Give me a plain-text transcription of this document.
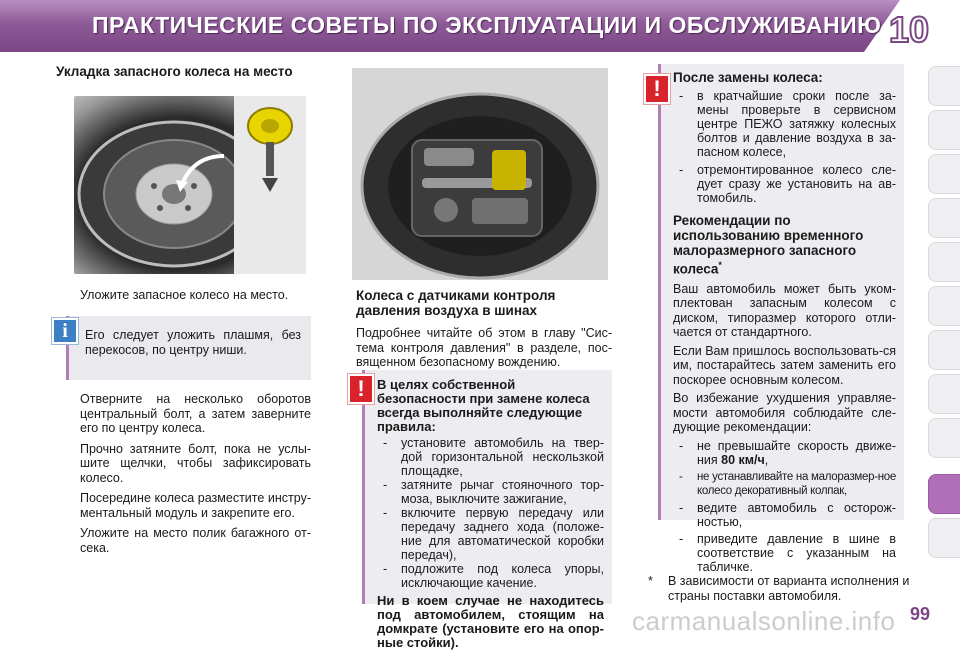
ПРАКТИЧЕСКИЕ СОВЕТЫ ПО ЭКСПЛУАТАЦИИ И ОБСЛУЖИВАНИЮ 10
Укладка запасного колеса на место
Уложите запасное колесо на место.
Его следует уложить плашмя, без перекосов, по центру ниши.
i
Отверните на несколько оборотов центральный болт, а затем заверните его по центру колеса.
Прочно затяните болт, пока не услы-шите щелчки, чтобы зафиксировать колесо.
Посередине колеса разместите инстру-ментальный модуль и закрепите его.
Уложите на место полик багажного от-сека.
Колеса с датчиками контроля давления воздуха в шинах
Подробнее читайте об этом в главу "Сис-тема контроля давления" в разделе, пос-вященном безопасному вождению.
В целях собственной безопасности при замене колеса всегда выполняйте следующие правила:
- установите автомобиль на твер-дой горизонтальной нескользкой площадке,
- затяните рычаг стояночного тор-моза, выключите зажигание,
- включите первую передачу или передачу заднего хода (положе-ние для автоматической коробки передач),
- подложите под колеса упоры, исключающие качение.
Ни в коем случае не находитесь под автомобилем, стоящим на домкрате (установите его на опор-ные стойки).
!
После замены колеса:
- в кратчайшие сроки после за-мены проверьте в сервисном центре ПЕЖО затяжку колесных болтов и давление воздуха в за-пасном колесе,
- отремонтированное колесо сле-дует сразу же установить на ав-томобиль.
Рекомендации по использованию временного малоразмерного запасного колеса*
Ваш автомобиль может быть уком-плектован запасным колесом с диском, типоразмер которого отли-чается от стандартного.
Если Вам пришлось воспользовать-ся им, постарайтесь затем заменить его поскорее основным колесом.
Во избежание ухудшения управляе-мости автомобиля соблюдайте сле-дующие рекомендации:
- не превышайте скорость движе-ния 80 км/ч,
- не устанавливайте на малоразмер-ное колесо декоративный колпак,
- ведите автомобиль с осторож-ностью,
- приведите давление в шине в соответствие с указанным на табличке.
!
*	В зависимости от варианта исполнения и страны поставки автомобиля.
99
carmanualsonline.info
